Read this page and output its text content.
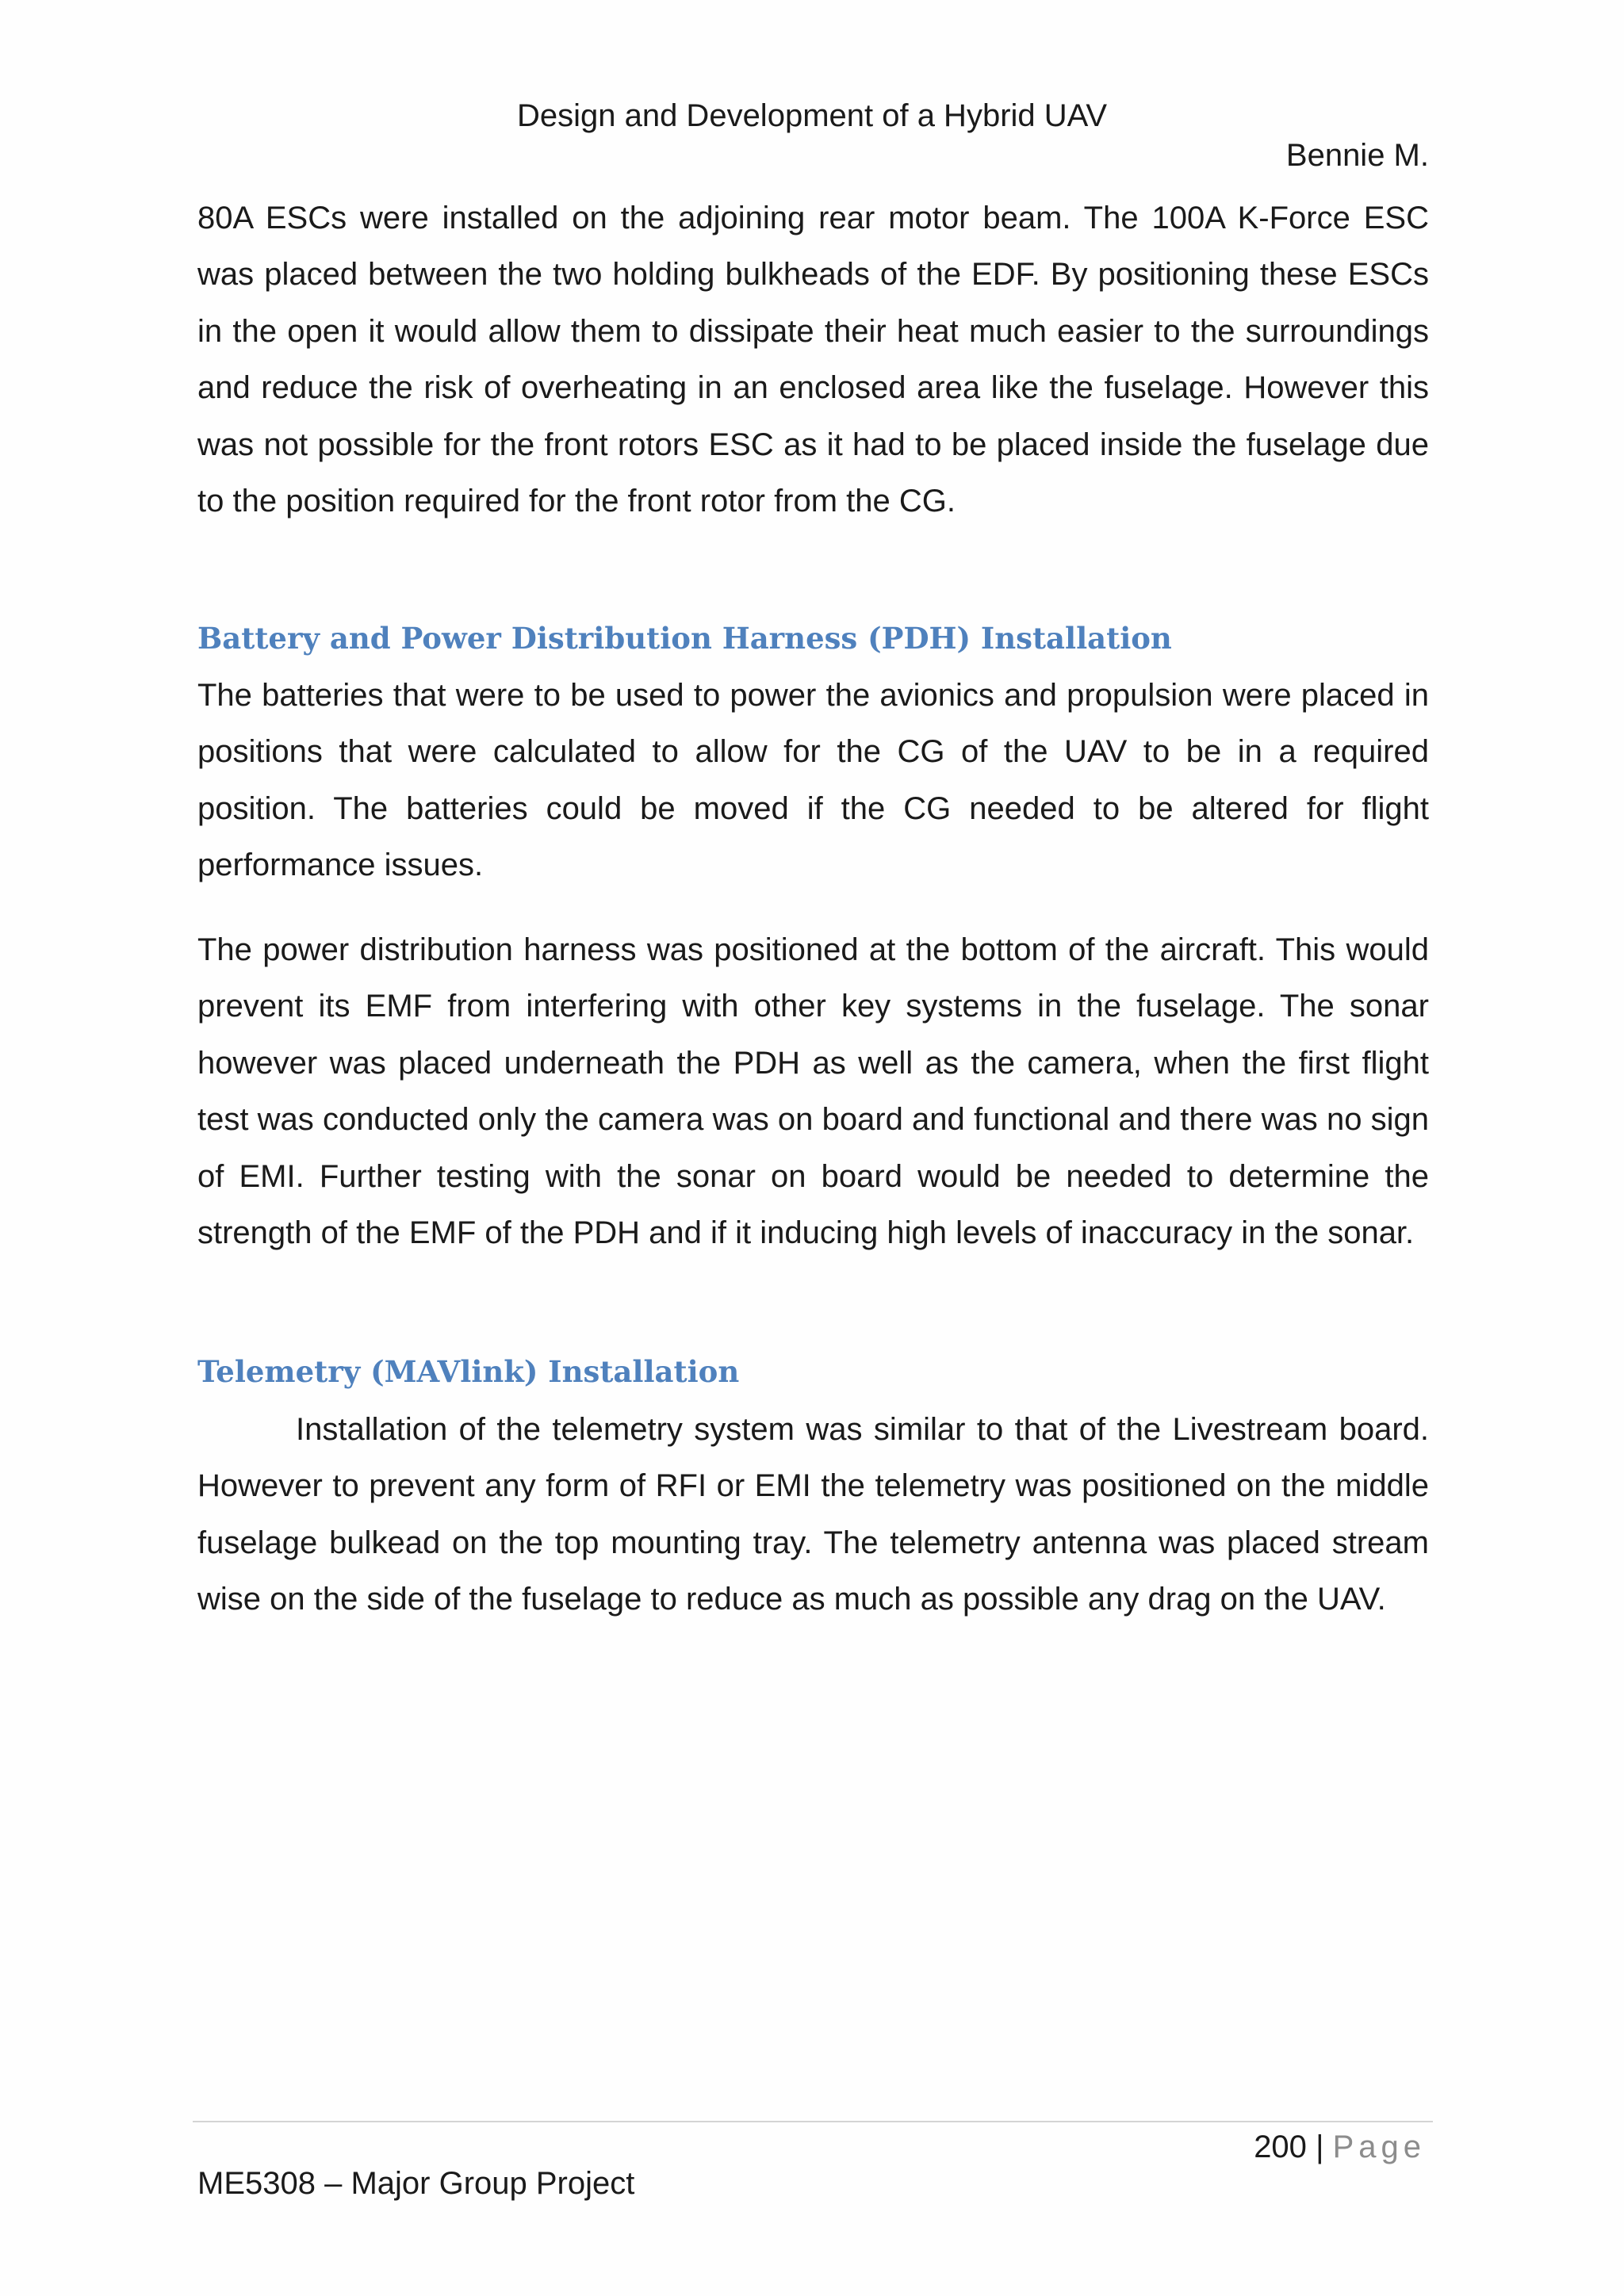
Design and Development of a Hybrid UAV
Bennie M.

80A ESCs were installed on the adjoining rear motor beam. The 100A K-Force ESC was placed between the two holding bulkheads of the EDF. By positioning these ESCs in the open it would allow them to dissipate their heat much easier to the surroundings and reduce the risk of overheating in an enclosed area like the fuselage. However this was not possible for the front rotors ESC as it had to be placed inside the fuselage due to the position required for the front rotor from the CG.

Battery and Power Distribution Harness (PDH) Installation

The batteries that were to be used to power the avionics and propulsion were placed in positions that were calculated to allow for the CG of the UAV to be in a required position. The batteries could be moved if the CG needed to be altered for flight performance issues.

The power distribution harness was positioned at the bottom of the aircraft. This would prevent its EMF from interfering with other key systems in the fuselage. The sonar however was placed underneath the PDH as well as the camera, when the first flight test was conducted only the camera was on board and functional and there was no sign of EMI. Further testing with the sonar on board would be needed to determine the strength of the EMF of the PDH and if it inducing high levels of inaccuracy in the sonar.

Telemetry (MAVlink) Installation

Installation of the telemetry system was similar to that of the Livestream board. However to prevent any form of RFI or EMI the telemetry was positioned on the middle fuselage bulkead on the top mounting tray. The telemetry antenna was placed stream wise on the side of the fuselage to reduce as much as possible any drag on the UAV.

200 | Page
ME5308 – Major Group Project
